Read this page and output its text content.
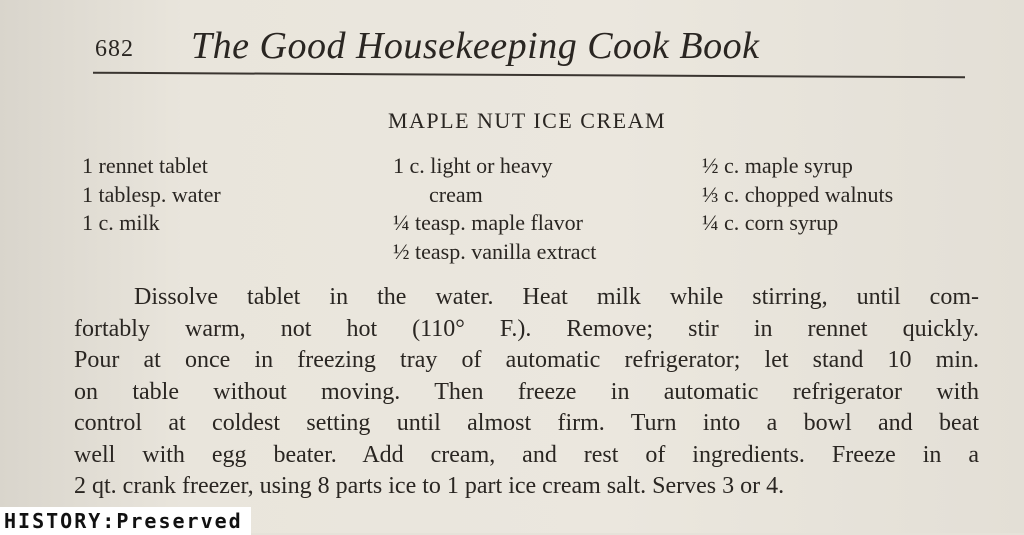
682 The Good Housekeeping Cook Book
MAPLE NUT ICE CREAM
1 rennet tablet
1 tablesp. water
1 c. milk
1 c. light or heavy
cream
¼ teasp. maple flavor
½ teasp. vanilla extract
½ c. maple syrup
⅓ c. chopped walnuts
¼ c. corn syrup
Dissolve tablet in the water. Heat milk while stirring, until com-
fortably warm, not hot (110° F.). Remove; stir in rennet quickly.
Pour at once in freezing tray of automatic refrigerator; let stand 10 min.
on table without moving. Then freeze in automatic refrigerator with
control at coldest setting until almost firm. Turn into a bowl and beat
well with egg beater. Add cream, and rest of ingredients. Freeze in a
2 qt. crank freezer, using 8 parts ice to 1 part ice cream salt. Serves 3 or 4.
HISTORY:Preserved
